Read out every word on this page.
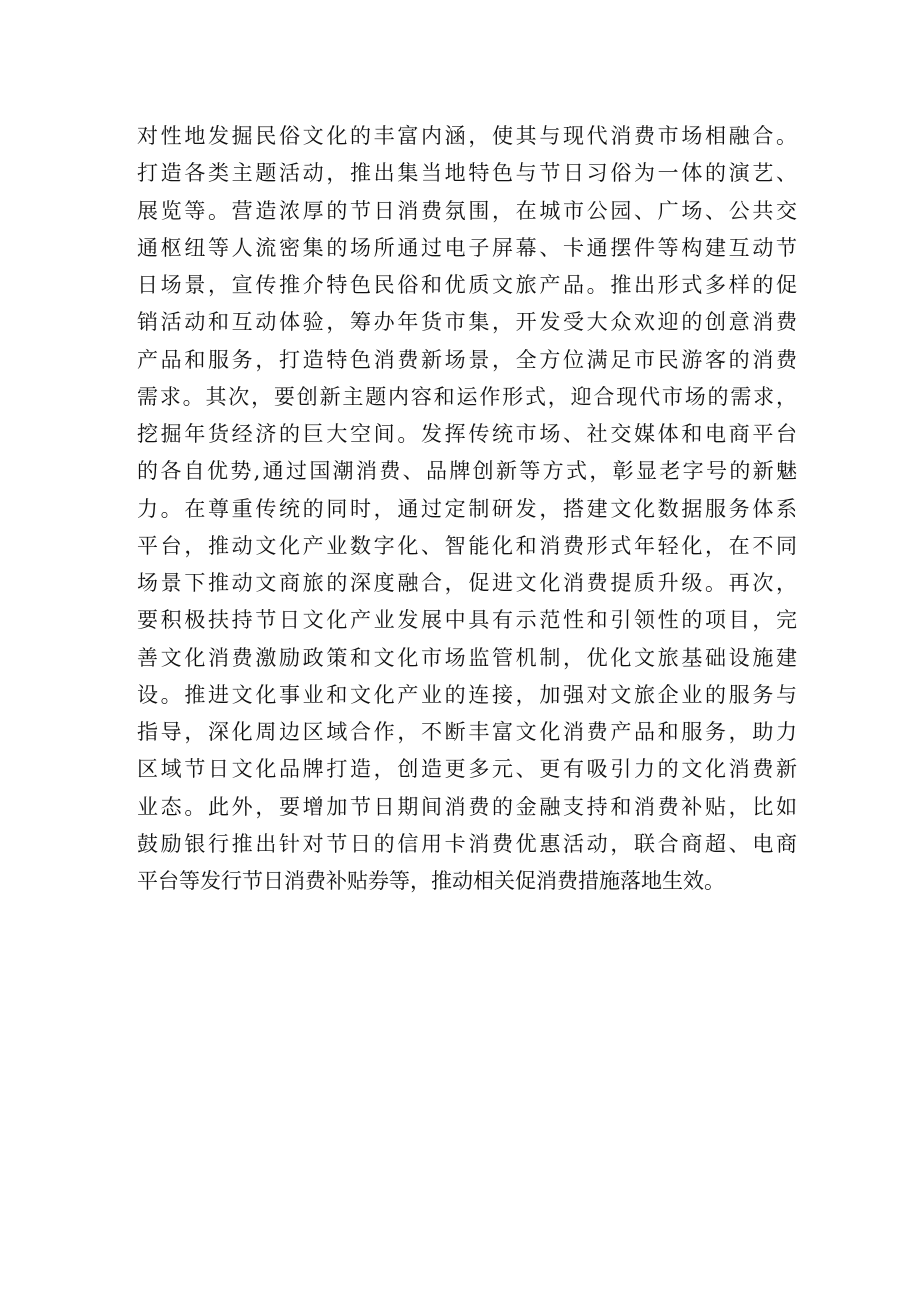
对性地发掘民俗文化的丰富内涵，使其与现代消费市场相融合。

打造各类主题活动，推出集当地特色与节日习俗为一体的演艺、

展览等。营造浓厚的节日消费氛围，在城市公园、广场、公共交

通枢纽等人流密集的场所通过电子屏幕、卡通摆件等构建互动节

日场景，宣传推介特色民俗和优质文旅产品。推出形式多样的促

销活动和互动体验，筹办年货市集，开发受大众欢迎的创意消费

产品和服务，打造特色消费新场景，全方位满足市民游客的消费

需求。其次，要创新主题内容和运作形式，迎合现代市场的需求，

挖掘年货经济的巨大空间。发挥传统市场、社交媒体和电商平台

的各自优势,通过国潮消费、品牌创新等方式，彰显老字号的新魅

力。在尊重传统的同时，通过定制研发，搭建文化数据服务体系

平台，推动文化产业数字化、智能化和消费形式年轻化，在不同

场景下推动文商旅的深度融合，促进文化消费提质升级。再次，

要积极扶持节日文化产业发展中具有示范性和引领性的项目，完

善文化消费激励政策和文化市场监管机制，优化文旅基础设施建

设。推进文化事业和文化产业的连接，加强对文旅企业的服务与

指导，深化周边区域合作，不断丰富文化消费产品和服务，助力

区域节日文化品牌打造，创造更多元、更有吸引力的文化消费新

业态。此外，要增加节日期间消费的金融支持和消费补贴，比如

鼓励银行推出针对节日的信用卡消费优惠活动，联合商超、电商

平台等发行节日消费补贴券等，推动相关促消费措施落地生效。
